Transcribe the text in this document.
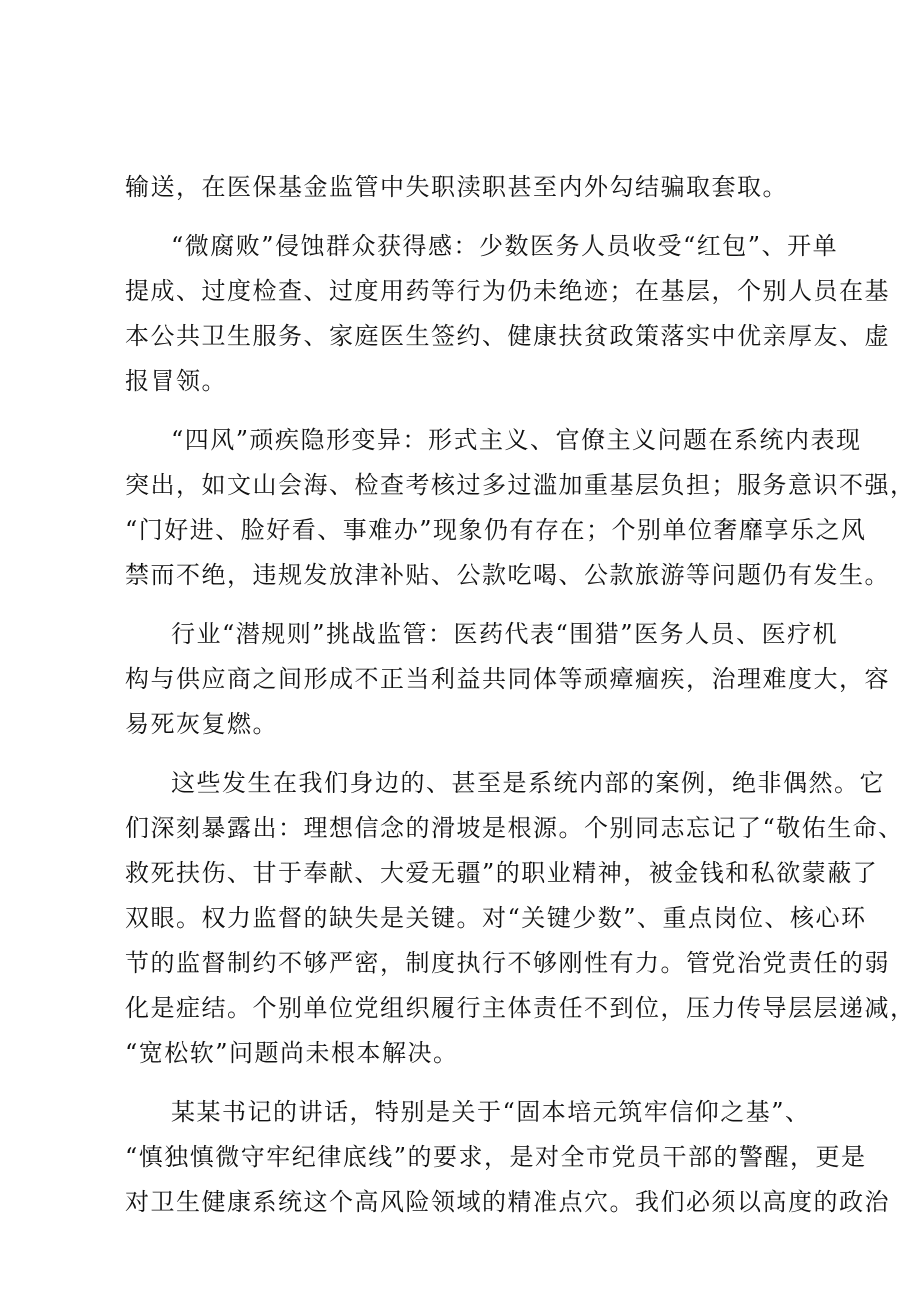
输送，在医保基金监管中失职渎职甚至内外勾结骗取套取。
“微腐败”侵蚀群众获得感：少数医务人员收受“红包”、开单
提成、过度检查、过度用药等行为仍未绝迹；在基层，个别人员在基
本公共卫生服务、家庭医生签约、健康扶贫政策落实中优亲厚友、虚
报冒领。
“四风”顽疾隐形变异：形式主义、官僚主义问题在系统内表现
突出，如文山会海、检查考核过多过滥加重基层负担；服务意识不强，
“门好进、脸好看、事难办”现象仍有存在；个别单位奢靡享乐之风
禁而不绝，违规发放津补贴、公款吃喝、公款旅游等问题仍有发生。
行业“潜规则”挑战监管：医药代表“围猎”医务人员、医疗机
构与供应商之间形成不正当利益共同体等顽瘴痼疾，治理难度大，容
易死灰复燃。
这些发生在我们身边的、甚至是系统内部的案例，绝非偶然。它
们深刻暴露出：理想信念的滑坡是根源。个别同志忘记了“敬佑生命、
救死扶伤、甘于奉献、大爱无疆”的职业精神，被金钱和私欲蒙蔽了
双眼。权力监督的缺失是关键。对“关键少数”、重点岗位、核心环
节的监督制约不够严密，制度执行不够刚性有力。管党治党责任的弱
化是症结。个别单位党组织履行主体责任不到位，压力传导层层递减，
“宽松软”问题尚未根本解决。
某某书记的讲话，特别是关于“固本培元筑牢信仰之基”、
“慎独慎微守牢纪律底线”的要求，是对全市党员干部的警醒，更是
对卫生健康系统这个高风险领域的精准点穴。我们必须以高度的政治
